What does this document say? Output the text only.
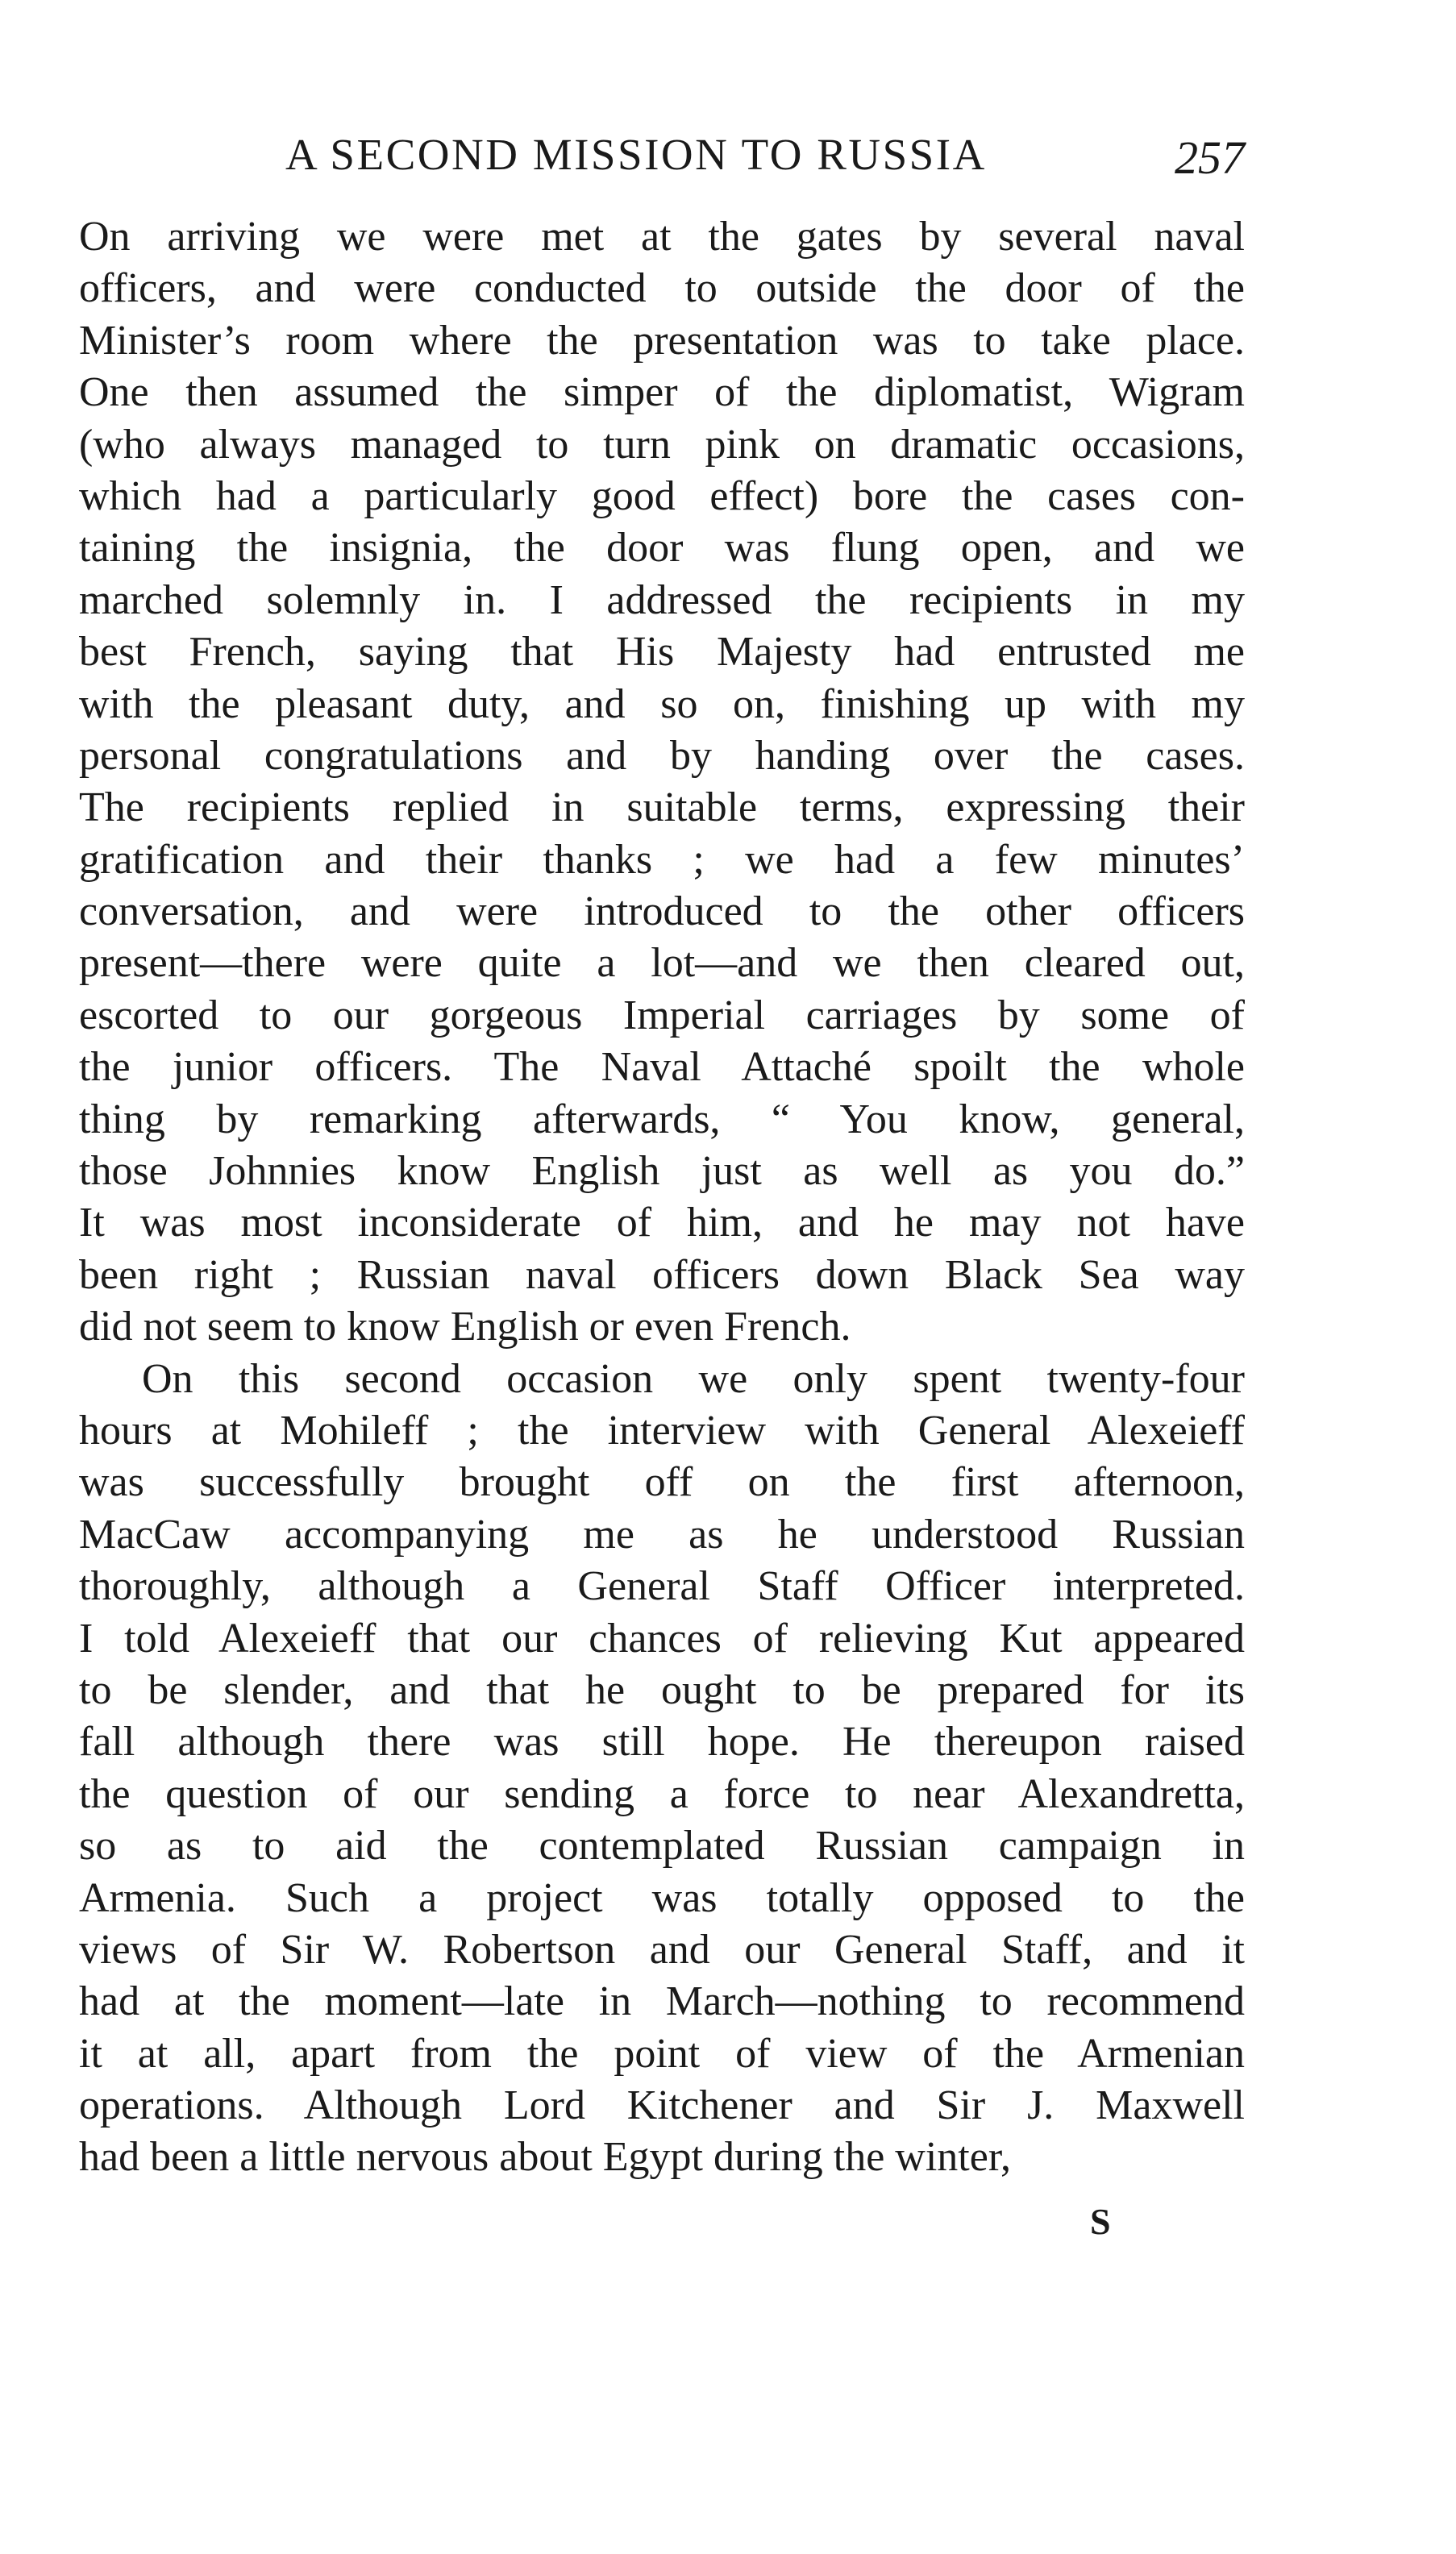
A SECOND MISSION TO RUSSIA	257
On arriving we were met at the gates by several naval
officers, and were conducted to outside the door of the
Minister’s room where the presentation was to take place.
One then assumed the simper of the diplomatist, Wigram
(who always managed to turn pink on dramatic occasions,
which had a particularly good effect) bore the cases con-
taining the insignia, the door was flung open, and we
marched solemnly in. I addressed the recipients in my
best French, saying that His Majesty had entrusted me
with the pleasant duty, and so on, finishing up with my
personal congratulations and by handing over the cases.
The recipients replied in suitable terms, expressing their
gratification and their thanks ; we had a few minutes’
conversation, and were introduced to the other officers
present—there were quite a lot—and we then cleared out,
escorted to our gorgeous Imperial carriages by some of
the junior officers. The Naval Attaché spoilt the whole
thing by remarking afterwards, “ You know, general,
those Johnnies know English just as well as you do.”
It was most inconsiderate of him, and he may not have
been right ; Russian naval officers down Black Sea way
did not seem to know English or even French.
On this second occasion we only spent twenty-four
hours at Mohileff ; the interview with General Alexeieff
was successfully brought off on the first afternoon,
MacCaw accompanying me as he understood Russian
thoroughly, although a General Staff Officer interpreted.
I told Alexeieff that our chances of relieving Kut appeared
to be slender, and that he ought to be prepared for its
fall although there was still hope. He thereupon raised
the question of our sending a force to near Alexandretta,
so as to aid the contemplated Russian campaign in
Armenia. Such a project was totally opposed to the
views of Sir W. Robertson and our General Staff, and it
had at the moment—late in March—nothing to recommend
it at all, apart from the point of view of the Armenian
operations. Although Lord Kitchener and Sir J. Maxwell
had been a little nervous about Egypt during the winter,
S
